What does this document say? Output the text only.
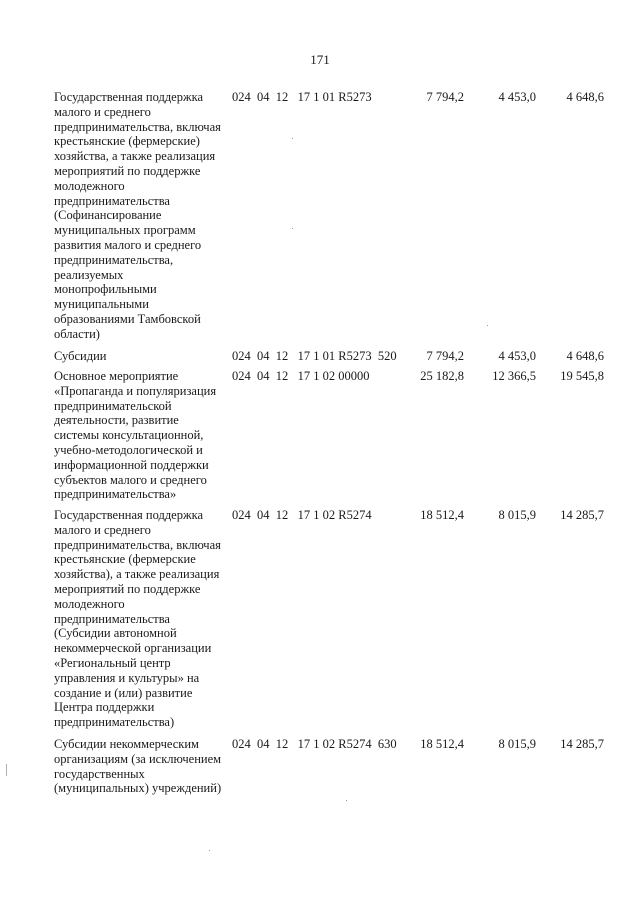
171
Государственная поддержка
малого и среднего
предпринимательства, включая
крестьянские (фермерские)
хозяйства, а также реализация
мероприятий по поддержке
молодежного
предпринимательства
(Софинансирование
муниципальных программ
развития малого и среднего
предпринимательства,
реализуемых
монопрофильными
муниципальными
образованиями Тамбовской
области)
024  04  12   17 1 01 R5273	7 794,2	4 453,0 4 648,6
Субсидии	024  04  12   17 1 01 R5273  520 7 794,2	4 453,0 4 648,6
Основное мероприятие
«Пропаганда и популяризация
предпринимательской
деятельности, развитие
системы консультационной,
учебно-методологической и
информационной поддержки
субъектов малого и среднего
предпринимательства»
024  04  12   17 1 02 00000	25 182,8 12 366,5 19 545,8
Государственная поддержка
малого и среднего
предпринимательства, включая
крестьянские (фермерские
хозяйства), а также реализация
мероприятий по поддержке
молодежного
предпринимательства
(Субсидии автономной
некоммерческой организации
«Региональный центр
управления и культуры» на
создание и (или) развитие
Центра поддержки
предпринимательства)
024  04  12   17 1 02 R5274	18 512,4	8 015,9 14 285,7
Субсидии некоммерческим
организациям (за исключением
государственных
(муниципальных) учреждений)
024  04  12   17 1 02 R5274  630 18 512,4	8 015,9 14 285,7
